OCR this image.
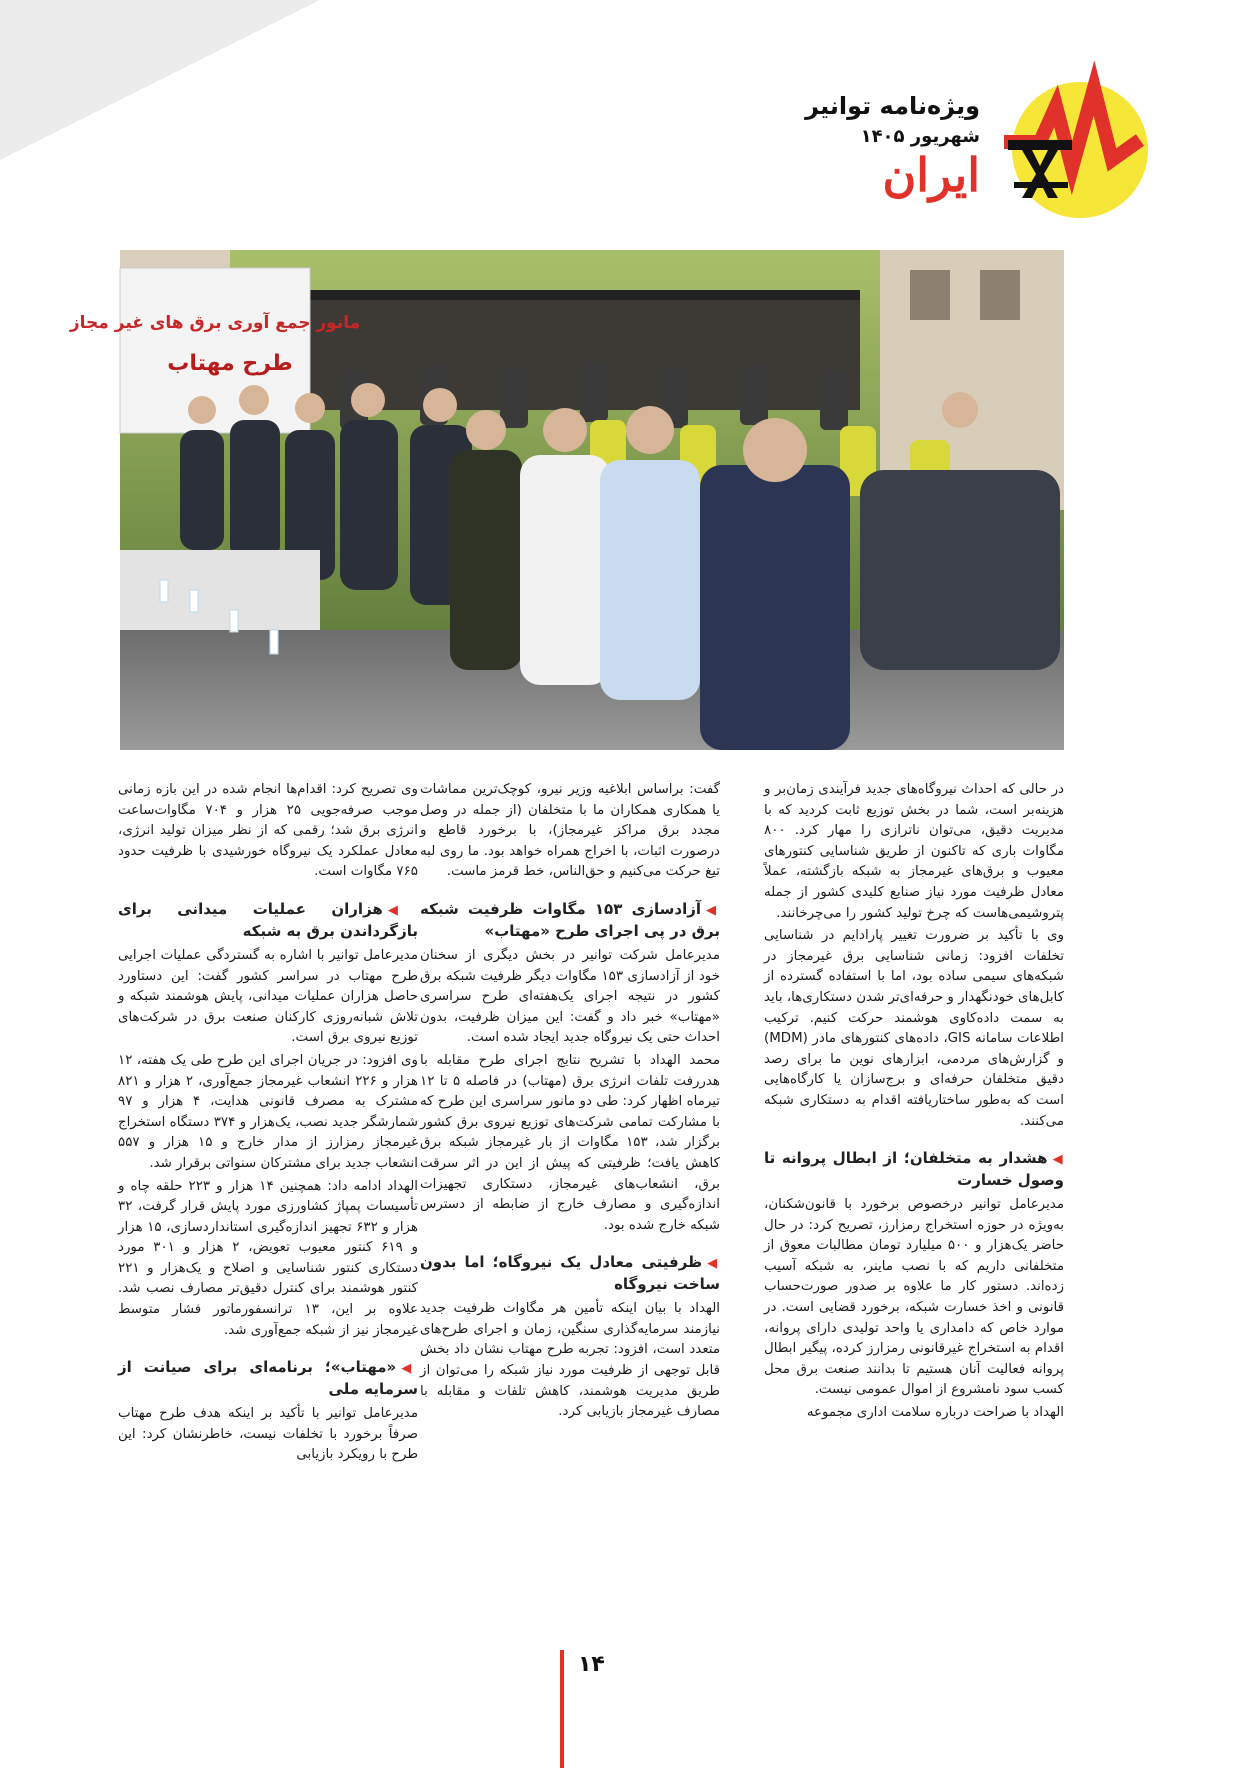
ویژه‌نامه توانیر
شهریور ۱۴۰۵
ایران
مانور جمع آوری برق های غیر مجاز
طرح مهتاب

در حالی که احداث نیروگاه‌های جدید فرآیندی زمان‌بر و هزینه‌بر است، شما در بخش توزیع ثابت کردید که با مدیریت دقیق، می‌توان ناترازی را مهار کرد. ۸۰۰ مگاوات باری که تاکنون از طریق شناسایی کنتورهای معیوب و برق‌های غیرمجاز به شبکه بازگشته، عملاً معادل ظرفیت مورد نیاز صنایع کلیدی کشور از جمله پتروشیمی‌هاست که چرخ تولید کشور را می‌چرخانند.

وی با تأکید بر ضرورت تغییر پارادایم در شناسایی تخلفات افزود: زمانی شناسایی برق غیرمجاز در شبکه‌های سیمی ساده بود، اما با استفاده گسترده از کابل‌های خودنگهدار و حرفه‌ای‌تر شدن دستکاری‌ها، باید به سمت داده‌کاوی هوشمند حرکت کنیم. ترکیب اطلاعات سامانه GIS، داده‌های کنتورهای مادر (MDM) و گزارش‌های مردمی، ابزارهای نوین ما برای رصد دقیق متخلفان حرفه‌ای و برج‌سازان یا کارگاه‌هایی است که به‌طور ساختاریافته اقدام به دستکاری شبکه می‌کنند.

◀هشدار به متخلفان؛ از ابطال پروانه تا وصول خسارت

مدیرعامل توانیر درخصوص برخورد با قانون‌شکنان، به‌ویژه در حوزه استخراج رمزارز، تصریح کرد: در حال حاضر یک‌هزار و ۵۰۰ میلیارد تومان مطالبات معوق از متخلفانی داریم که با نصب ماینر، به شبکه آسیب زده‌اند. دستور کار ما علاوه بر صدور صورت‌حساب قانونی و اخذ خسارت شبکه، برخورد قضایی است. در موارد خاص که دامداری یا واحد تولیدی دارای پروانه، اقدام به استخراج غیرقانونی رمزارز کرده، پیگیر ابطال پروانه فعالیت آنان هستیم تا بدانند صنعت برق محل کسب سود نامشروع از اموال عمومی نیست.

الهداد با صراحت درباره سلامت اداری مجموعه

گفت: براساس ابلاغیه وزیر نیرو، کوچک‌ترین مماشات یا همکاری همکاران ما با متخلفان (از جمله در وصل مجدد برق مراکز غیرمجاز)، با برخورد قاطع و درصورت اثبات، با اخراج همراه خواهد بود. ما روی لبه تیغ حرکت می‌کنیم و حق‌الناس، خط قرمز ماست.

◀آزادسازی ۱۵۳ مگاوات ظرفیت شبکه برق در پی اجرای طرح «مهتاب»

مدیرعامل شرکت توانیر در بخش دیگری از سخنان خود از آزادسازی ۱۵۳ مگاوات دیگر ظرفیت شبکه برق کشور در نتیجه اجرای یک‌هفته‌ای طرح سراسری «مهتاب» خبر داد و گفت: این میزان ظرفیت، بدون احداث حتی یک نیروگاه جدید ایجاد شده است.

محمد الهداد با تشریح نتایج اجرای طرح مقابله با هدررفت تلفات انرژی برق (مهتاب) در فاصله ۵ تا ۱۲ تیرماه اظهار کرد: طی دو مانور سراسری این طرح که با مشارکت تمامی شرکت‌های توزیع نیروی برق کشور برگزار شد، ۱۵۳ مگاوات از بار غیرمجاز شبکه برق کاهش یافت؛ ظرفیتی که پیش از این در اثر سرقت برق، انشعاب‌های غیرمجاز، دستکاری تجهیزات اندازه‌گیری و مصارف خارج از ضابطه از دسترس شبکه خارج شده بود.

◀ظرفیتی معادل یک نیروگاه؛ اما بدون ساخت نیروگاه

الهداد با بیان اینکه تأمین هر مگاوات ظرفیت جدید نیازمند سرمایه‌گذاری سنگین، زمان و اجرای طرح‌های متعدد است، افزود: تجربه طرح مهتاب نشان داد بخش قابل توجهی از ظرفیت مورد نیاز شبکه را می‌توان از طریق مدیریت هوشمند، کاهش تلفات و مقابله با مصارف غیرمجاز بازیابی کرد.

وی تصریح کرد: اقدام‌ها انجام شده در این بازه زمانی موجب صرفه‌جویی ۲۵ هزار و ۷۰۴ مگاوات‌ساعت انرژی برق شد؛ رقمی که از نظر میزان تولید انرژی، معادل عملکرد یک نیروگاه خورشیدی با ظرفیت حدود ۷۶۵ مگاوات است.

◀هزاران عملیات میدانی برای بازگرداندن برق به شبکه

مدیرعامل توانیر با اشاره به گستردگی عملیات اجرایی طرح مهتاب در سراسر کشور گفت: این دستاورد حاصل هزاران عملیات میدانی، پایش هوشمند شبکه و تلاش شبانه‌روزی کارکنان صنعت برق در شرکت‌های توزیع نیروی برق است.

وی افزود: در جریان اجرای این طرح طی یک هفته، ۱۲ هزار و ۲۲۶ انشعاب غیرمجاز جمع‌آوری، ۲ هزار و ۸۲۱ مشترک به مصرف قانونی هدایت، ۴ هزار و ۹۷ شمارشگر جدید نصب، یک‌هزار و ۳۷۴ دستگاه استخراج غیرمجاز رمزارز از مدار خارج و ۱۵ هزار و ۵۵۷ انشعاب جدید برای مشترکان سنواتی برقرار شد.

الهداد ادامه داد: همچنین ۱۴ هزار و ۲۲۳ حلقه چاه و تأسیسات پمپاژ کشاورزی مورد پایش قرار گرفت، ۳۲ هزار و ۶۳۲ تجهیز اندازه‌گیری استانداردسازی، ۱۵ هزار و ۶۱۹ کنتور معیوب تعویض، ۲ هزار و ۳۰۱ مورد دستکاری کنتور شناسایی و اصلاح و یک‌هزار و ۲۲۱ کنتور هوشمند برای کنترل دقیق‌تر مصارف نصب شد. علاوه بر این، ۱۳ ترانسفورماتور فشار متوسط غیرمجاز نیز از شبکه جمع‌آوری شد.

◀«مهتاب»؛ برنامه‌ای برای صیانت از سرمایه ملی

مدیرعامل توانیر با تأکید بر اینکه هدف طرح مهتاب صرفاً برخورد با تخلفات نیست، خاطرنشان کرد: این طرح با رویکرد بازیابی

۱۴
